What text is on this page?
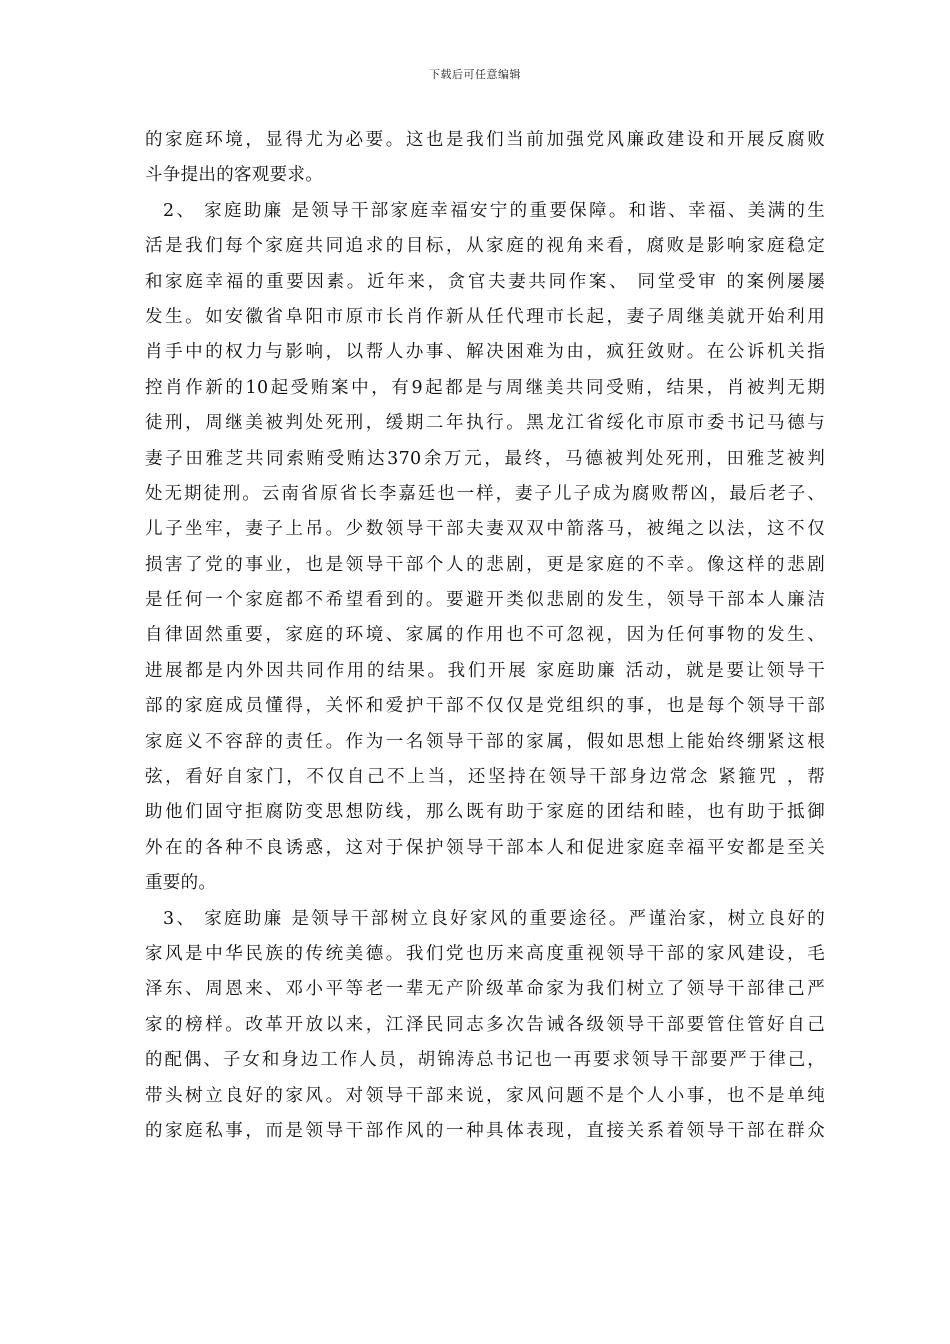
下载后可任意编辑
的家庭环境，显得尤为必要。这也是我们当前加强党风廉政建设和开展反腐败
斗争提出的客观要求。
2、 家庭助廉 是领导干部家庭幸福安宁的重要保障。和谐、幸福、美满的生
活是我们每个家庭共同追求的目标，从家庭的视角来看，腐败是影响家庭稳定
和家庭幸福的重要因素。近年来，贪官夫妻共同作案、 同堂受审 的案例屡屡
发生。如安徽省阜阳市原市长肖作新从任代理市长起，妻子周继美就开始利用
肖手中的权力与影响，以帮人办事、解决困难为由，疯狂敛财。在公诉机关指
控肖作新的10起受贿案中，有9起都是与周继美共同受贿，结果，肖被判无期
徒刑，周继美被判处死刑，缓期二年执行。黑龙江省绥化市原市委书记马德与
妻子田雅芝共同索贿受贿达370余万元，最终，马德被判处死刑，田雅芝被判
处无期徒刑。云南省原省长李嘉廷也一样，妻子儿子成为腐败帮凶，最后老子、
儿子坐牢，妻子上吊。少数领导干部夫妻双双中箭落马，被绳之以法，这不仅
损害了党的事业，也是领导干部个人的悲剧，更是家庭的不幸。像这样的悲剧
是任何一个家庭都不希望看到的。要避开类似悲剧的发生，领导干部本人廉洁
自律固然重要，家庭的环境、家属的作用也不可忽视，因为任何事物的发生、
进展都是内外因共同作用的结果。我们开展 家庭助廉 活动，就是要让领导干
部的家庭成员懂得，关怀和爱护干部不仅仅是党组织的事，也是每个领导干部
家庭义不容辞的责任。作为一名领导干部的家属，假如思想上能始终绷紧这根
弦，看好自家门，不仅自己不上当，还坚持在领导干部身边常念 紧箍咒 ，帮
助他们固守拒腐防变思想防线，那么既有助于家庭的团结和睦，也有助于抵御
外在的各种不良诱惑，这对于保护领导干部本人和促进家庭幸福平安都是至关
重要的。
3、 家庭助廉 是领导干部树立良好家风的重要途径。严谨治家，树立良好的
家风是中华民族的传统美德。我们党也历来高度重视领导干部的家风建设，毛
泽东、周恩来、邓小平等老一辈无产阶级革命家为我们树立了领导干部律己严
家的榜样。改革开放以来，江泽民同志多次告诫各级领导干部要管住管好自己
的配偶、子女和身边工作人员，胡锦涛总书记也一再要求领导干部要严于律己，
带头树立良好的家风。对领导干部来说，家风问题不是个人小事，也不是单纯
的家庭私事，而是领导干部作风的一种具体表现，直接关系着领导干部在群众
